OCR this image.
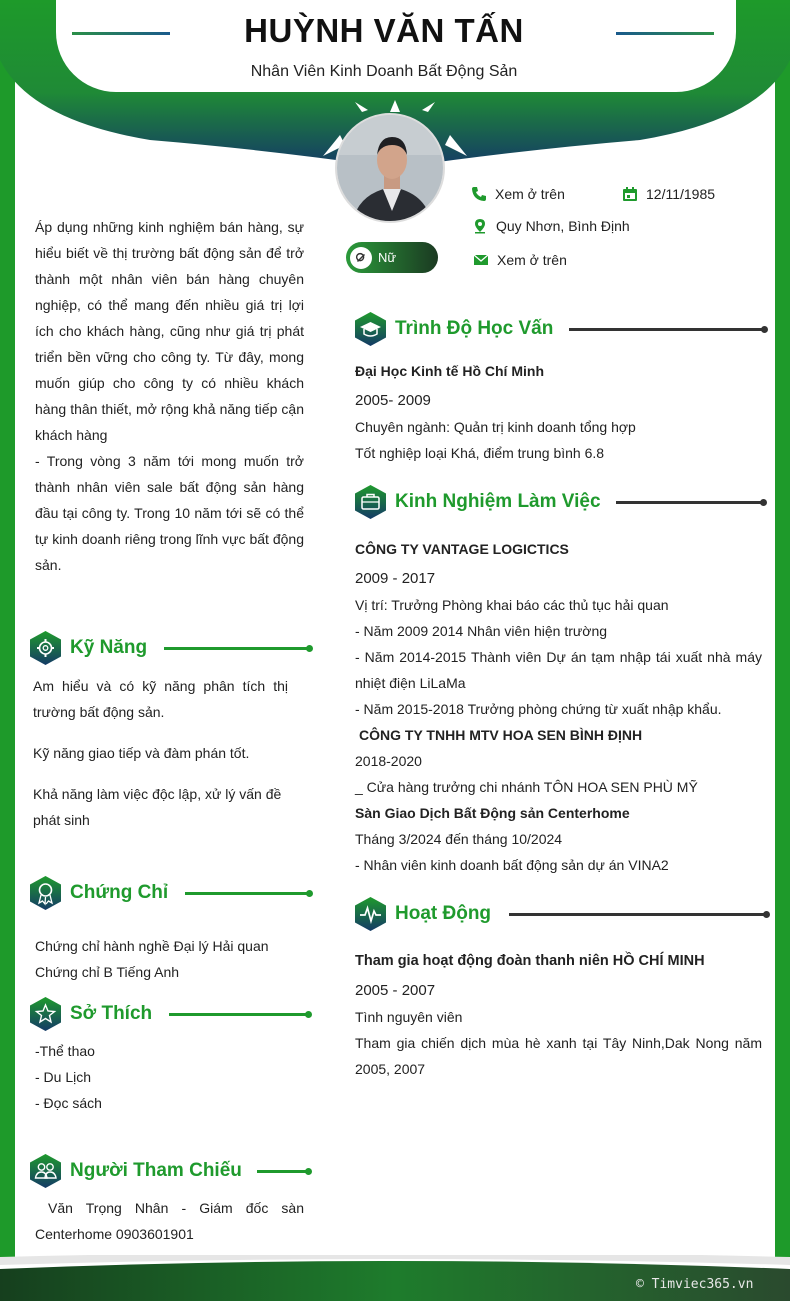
HUỲNH VĂN TẤN
Nhân Viên Kinh Doanh Bất Động Sản
Xem ở trên	12/11/1985
Quy Nhơn, Bình Định
Xem ở trên
Nữ

Áp dụng những kinh nghiệm bán hàng, sự hiểu biết về thị trường bất động sản để trở thành một nhân viên bán hàng chuyên nghiệp, có thể mang đến nhiều giá trị lợi ích cho khách hàng, cũng như giá trị phát triển bền vững cho công ty. Từ đây, mong muốn giúp cho công ty có nhiều khách hàng thân thiết, mở rộng khả năng tiếp cận khách hàng

- Trong vòng 3 năm tới mong muốn trở thành nhân viên sale bất động sản hàng đầu tại công ty. Trong 10 năm tới sẽ có thể tự kinh doanh riêng trong lĩnh vực bất động sản.

Kỹ Năng
Am hiểu và có kỹ năng phân tích thị trường bất động sản.
Kỹ năng giao tiếp và đàm phán tốt.
Khả năng làm việc độc lập, xử lý vấn đề phát sinh
Chứng Chỉ
Chứng chỉ hành nghề Đại lý Hải quan
Chứng chỉ B Tiếng Anh
Sở Thích
-Thể thao
- Du Lịch
- Đọc sách
Người Tham Chiếu
Văn Trọng Nhân - Giám đốc sàn Centerhome 0903601901
Trình Độ Học Vấn
Đại Học Kinh tế Hồ Chí Minh
2005- 2009
Chuyên ngành: Quản trị kinh doanh tổng hợp
Tốt nghiệp loại Khá, điểm trung bình 6.8
Kinh Nghiệm Làm Việc
CÔNG TY VANTAGE LOGICTICS
2009 - 2017
Vị trí: Trưởng Phòng khai báo các thủ tục hải quan
- Năm 2009 2014 Nhân viên hiện trường
- Năm 2014-2015 Thành viên Dự án tạm nhập tái xuất nhà máy nhiệt điện LiLaMa
- Năm 2015-2018 Trưởng phòng chứng từ xuất nhập khẩu.
CÔNG TY TNHH MTV HOA SEN BÌNH ĐỊNH
2018-2020
_ Cửa hàng trưởng chi nhánh TÔN HOA SEN PHÙ MỸ
Sàn Giao Dịch Bất Động sản Centerhome
Tháng 3/2024 đến tháng 10/2024
- Nhân viên kinh doanh bất động sản dự án VINA2
Hoạt Động
Tham gia hoạt động đoàn thanh niên HỒ CHÍ MINH
2005 - 2007
Tình nguyên viên
Tham gia chiến dịch mùa hè xanh tại Tây Ninh,Dak Nong năm 2005, 2007
© Timviec365.vn
